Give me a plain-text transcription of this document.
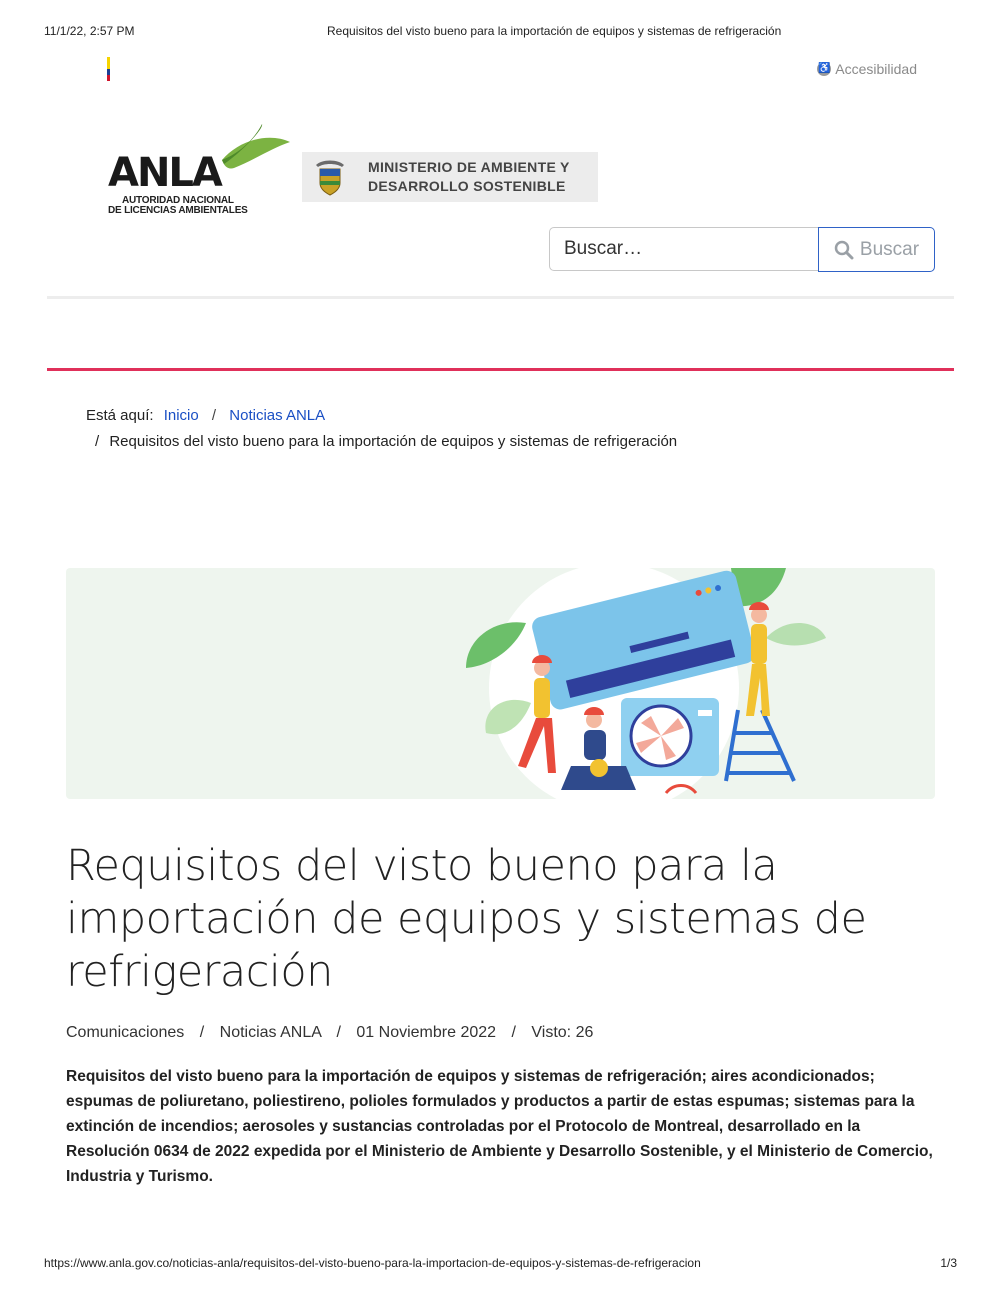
11/1/22, 2:57 PM	Requisitos del visto bueno para la importación de equipos y sistemas de refrigeración
♿ Accesibilidad
ANLA
AUTORIDAD NACIONAL
DE LICENCIAS AMBIENTALES
MINISTERIO DE AMBIENTE Y
DESARROLLO SOSTENIBLE
Buscar…
Buscar
Está aquí: Inicio / Noticias ANLA
/ Requisitos del visto bueno para la importación de equipos y sistemas de refrigeración
Requisitos del visto bueno para la importación de equipos y sistemas de refrigeración
Comunicaciones / Noticias ANLA / 01 Noviembre 2022 / Visto: 26
Requisitos del visto bueno para la importación de equipos y sistemas de refrigeración; aires acondicionados; espumas de poliuretano, poliestireno, polioles formulados y productos a partir de estas espumas; sistemas para la extinción de incendios; aerosoles y sustancias controladas por el Protocolo de Montreal, desarrollado en la Resolución 0634 de 2022 expedida por el Ministerio de Ambiente y Desarrollo Sostenible, y el Ministerio de Comercio, Industria y Turismo.
https://www.anla.gov.co/noticias-anla/requisitos-del-visto-bueno-para-la-importacion-de-equipos-y-sistemas-de-refrigeracion	1/3
